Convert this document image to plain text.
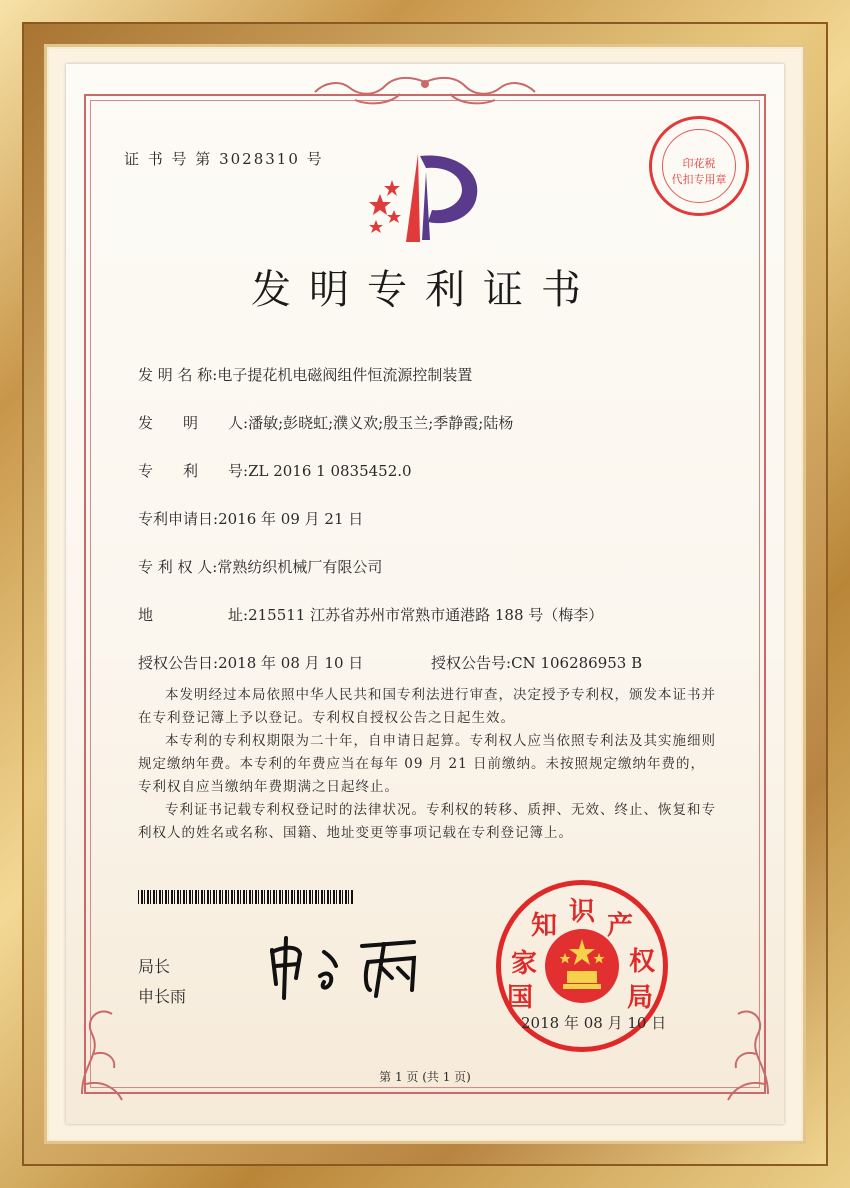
印花税
代扣专用章
证 书 号 第 3028310 号
发明专利证书
发 明 名 称:电子提花机电磁阀组件恒流源控制装置
发　　明　　人:潘敏;彭晓虹;濮义欢;殷玉兰;季静霞;陆杨
专　　利　　号:ZL 2016 1 0835452.0
专利申请日:2016 年 09 月 21 日
专 利 权 人:常熟纺织机械厂有限公司
地　　　　　址:215511 江苏省苏州市常熟市通港路 188 号（梅李）
授权公告日:2018 年 08 月 10 日	授权公告号:CN 106286953 B
本发明经过本局依照中华人民共和国专利法进行审查，决定授予专利权，颁发本证书并在专利登记簿上予以登记。专利权自授权公告之日起生效。
本专利的专利权期限为二十年，自申请日起算。专利权人应当依照专利法及其实施细则规定缴纳年费。本专利的年费应当在每年 09 月 21 日前缴纳。未按照规定缴纳年费的，专利权自应当缴纳年费期满之日起终止。
专利证书记载专利权登记时的法律状况。专利权的转移、质押、无效、终止、恢复和专利权人的姓名或名称、国籍、地址变更等事项记载在专利登记簿上。
局长
申长雨	国
家
知 识 产
权
局
2018 年 08 月 10 日
第 1 页 (共 1 页)
